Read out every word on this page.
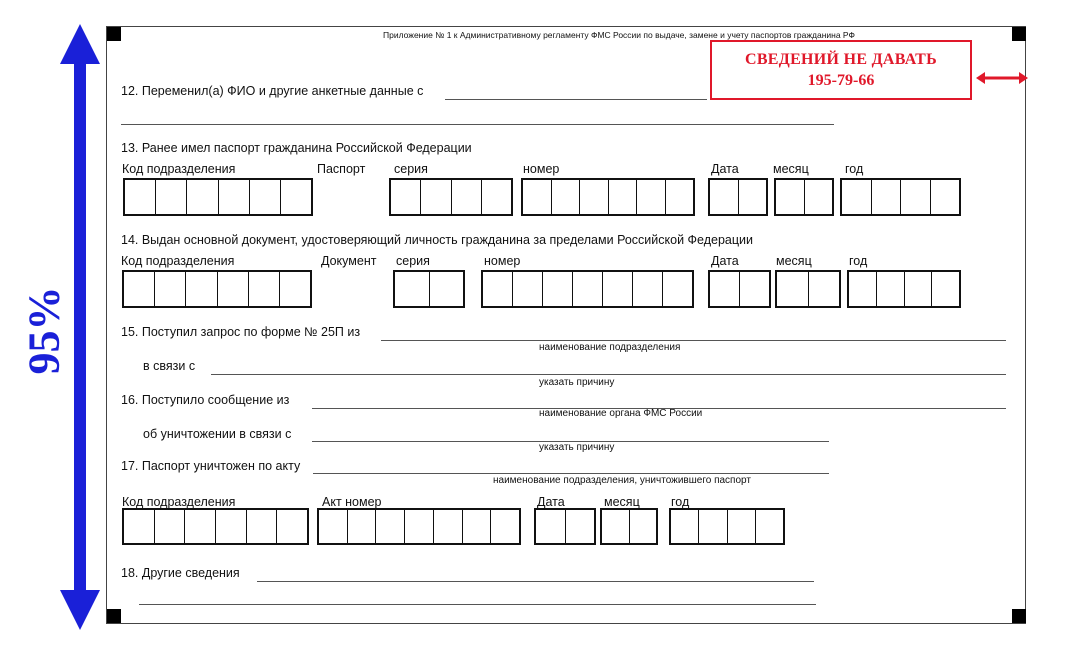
95%
Приложение № 1 к Административному регламенту ФМС России по выдаче, замене и учету паспортов гражданина РФ
СВЕДЕНИЙ НЕ ДАВАТЬ
195-79-66
12. Переменил(а) ФИО и другие анкетные данные с
13. Ранее имел паспорт гражданина Российской Федерации
Код подразделения	Паспорт серия	номер	Дата	месяц	год
14. Выдан основной документ, удостоверяющий личность гражданина за пределами Российской Федерации
Код подразделения	Документ серия	номер	Дата	месяц	год
15. Поступил запрос по форме № 25П из
наименование подразделения
в связи с
указать причину
16. Поступило сообщение из
наименование органа ФМС России
об уничтожении в связи с
указать причину
17. Паспорт уничтожен по акту
наименование подразделения, уничтожившего паспорт
Код подразделения	Акт номер	Дата	месяц	год
18. Другие сведения
